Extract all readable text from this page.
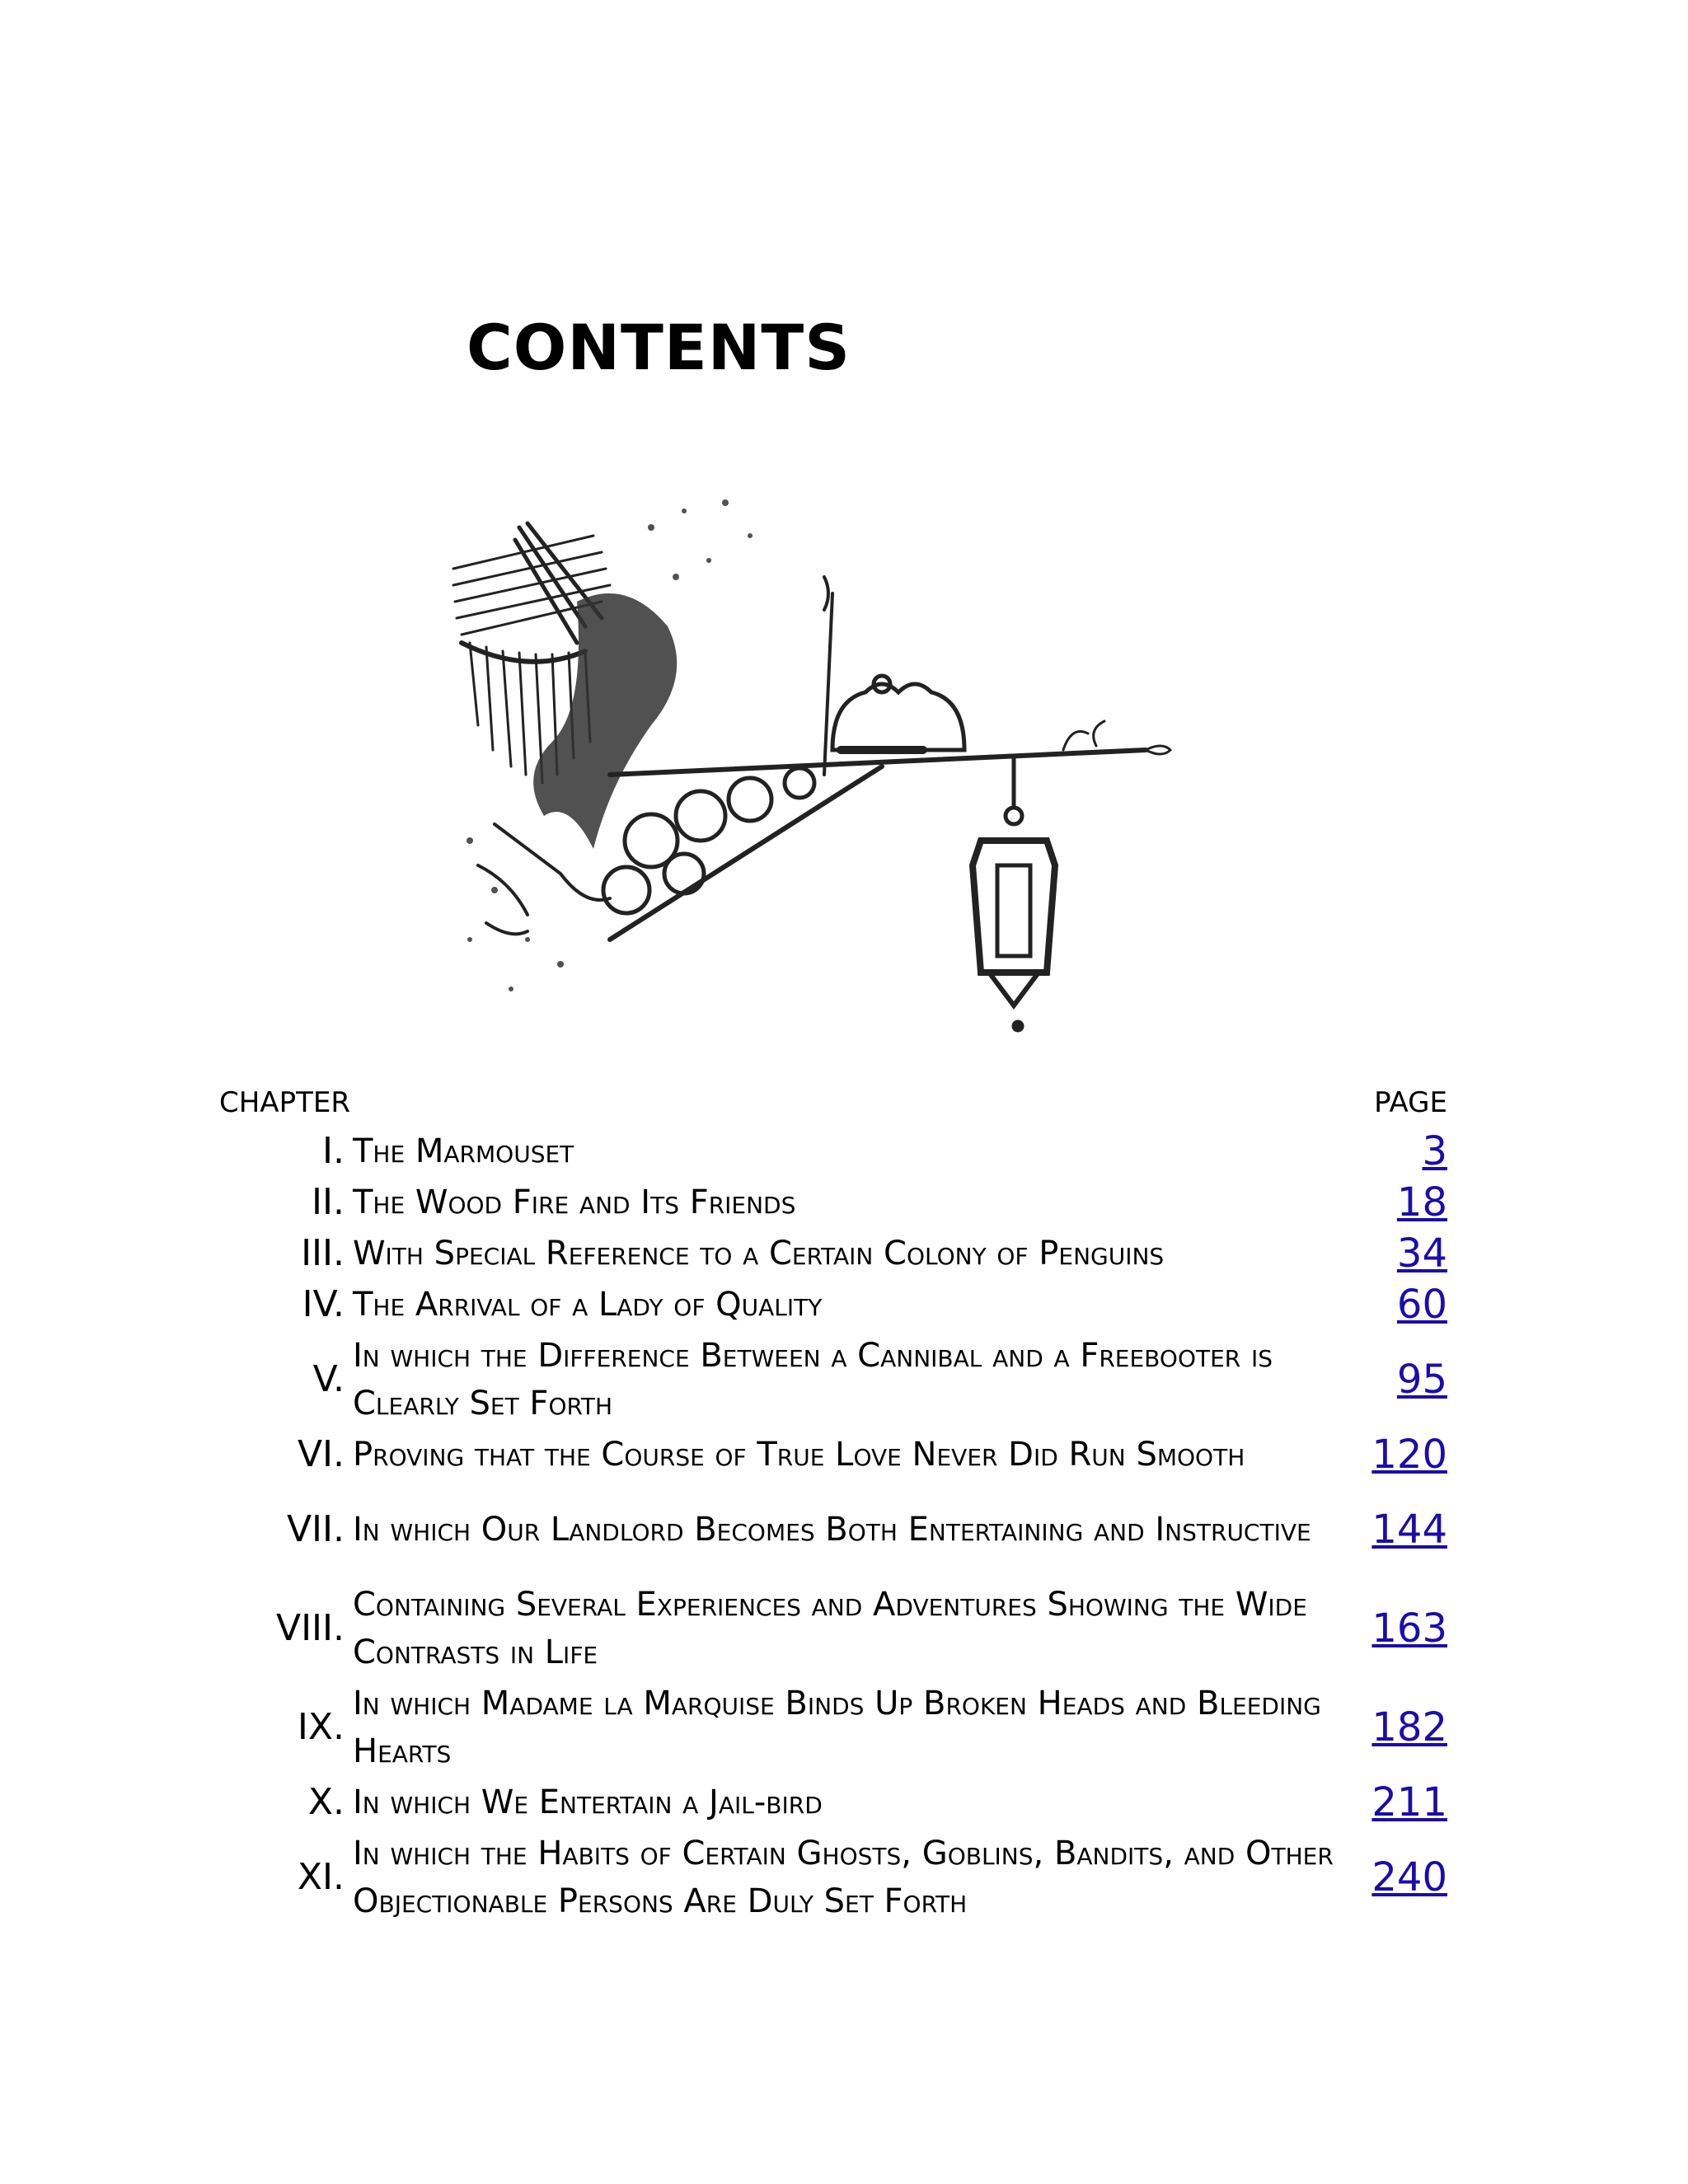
CONTENTS
CHAPTER	PAGE
I.	The Marmouset	3
II.	The Wood Fire and Its Friends	18
III.	With Special Reference to a Certain Colony of Penguins	34
IV.	The Arrival of a Lady of Quality	60
V.	In which the Difference Between a Cannibal and a Freebooter is Clearly Set Forth	95
VI.	Proving that the Course of True Love Never Did Run Smooth	120
VII.	In which Our Landlord Becomes Both Entertaining and Instructive	144
VIII.	Containing Several Experiences and Adventures Showing the Wide Contrasts in Life	163
IX.	In which Madame la Marquise Binds Up Broken Heads and Bleeding Hearts	182
X.	In which We Entertain a Jail-bird	211
XI.	In which the Habits of Certain Ghosts, Goblins, Bandits, and Other Objectionable Persons Are Duly Set Forth	240
